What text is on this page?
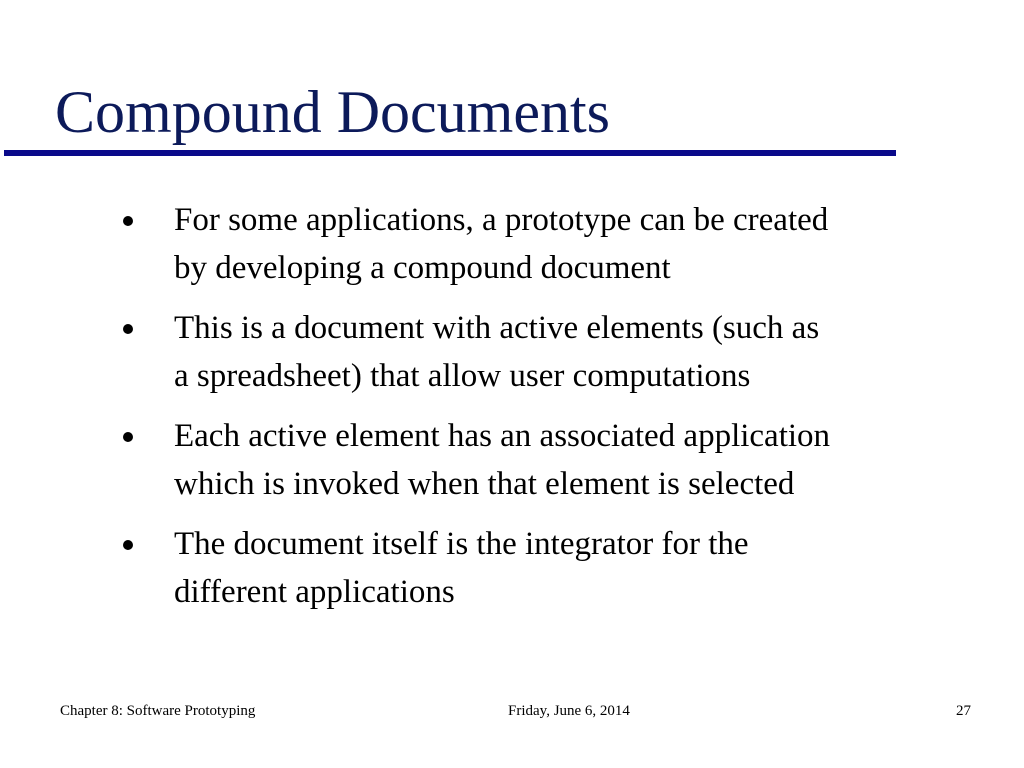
Compound Documents
For some applications, a prototype can be created
by developing a compound document
This is a document with active elements (such as
a spreadsheet) that allow user computations
Each active element has an associated application
which is invoked when that element is selected
The document itself is the integrator for the
different applications
Chapter 8: Software Prototyping	Friday, June 6, 2014	27
